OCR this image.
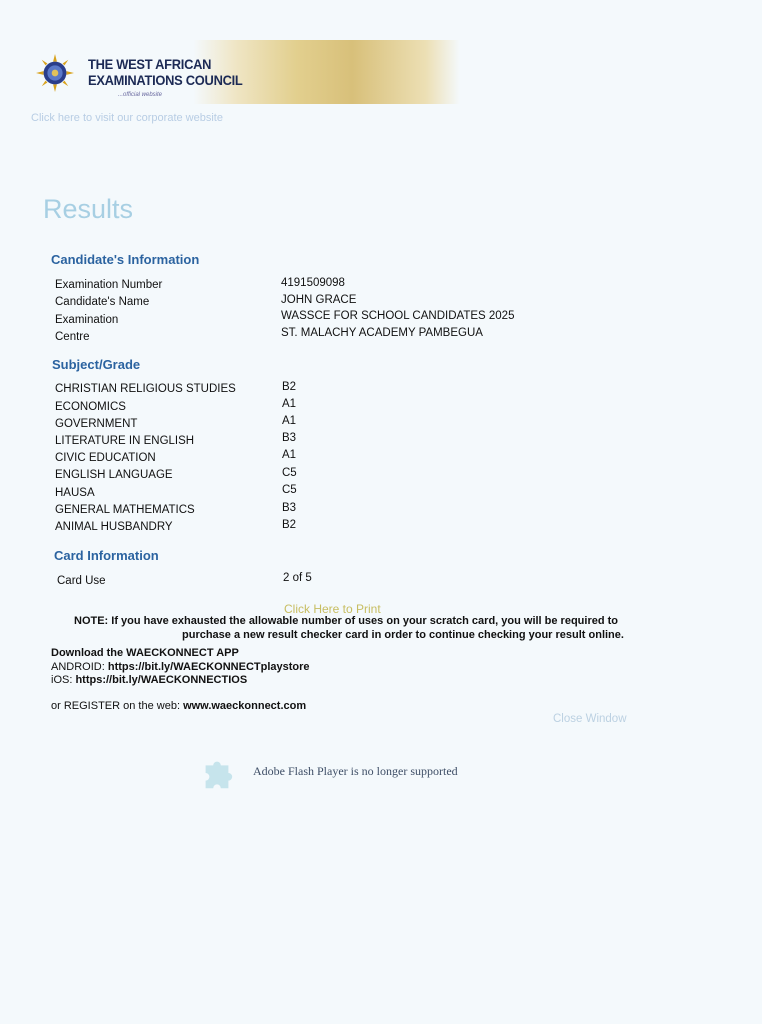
THE WEST AFRICAN
EXAMINATIONS COUNCIL
...official website
Click here to visit our corporate website
Results
Candidate's Information
Examination Number	4191509098
Candidate's Name	JOHN GRACE
Examination	WASSCE FOR SCHOOL CANDIDATES 2025
Centre	ST. MALACHY ACADEMY PAMBEGUA
Subject/Grade
CHRISTIAN RELIGIOUS STUDIES	B2
ECONOMICS	A1
GOVERNMENT	A1
LITERATURE IN ENGLISH	B3
CIVIC EDUCATION	A1
ENGLISH LANGUAGE	C5
HAUSA	C5
GENERAL MATHEMATICS	B3
ANIMAL HUSBANDRY	B2
Card Information
Card Use	2 of 5
Click Here to Print
NOTE: If you have exhausted the allowable number of uses on your scratch card, you will be required to
purchase a new result checker card in order to continue checking your result online.
Download the WAECKONNECT APP
ANDROID: https://bit.ly/WAECKONNECTplaystore
iOS: https://bit.ly/WAECKONNECTIOS
or REGISTER on the web: www.waeckonnect.com
Close Window
Adobe Flash Player is no longer supported
